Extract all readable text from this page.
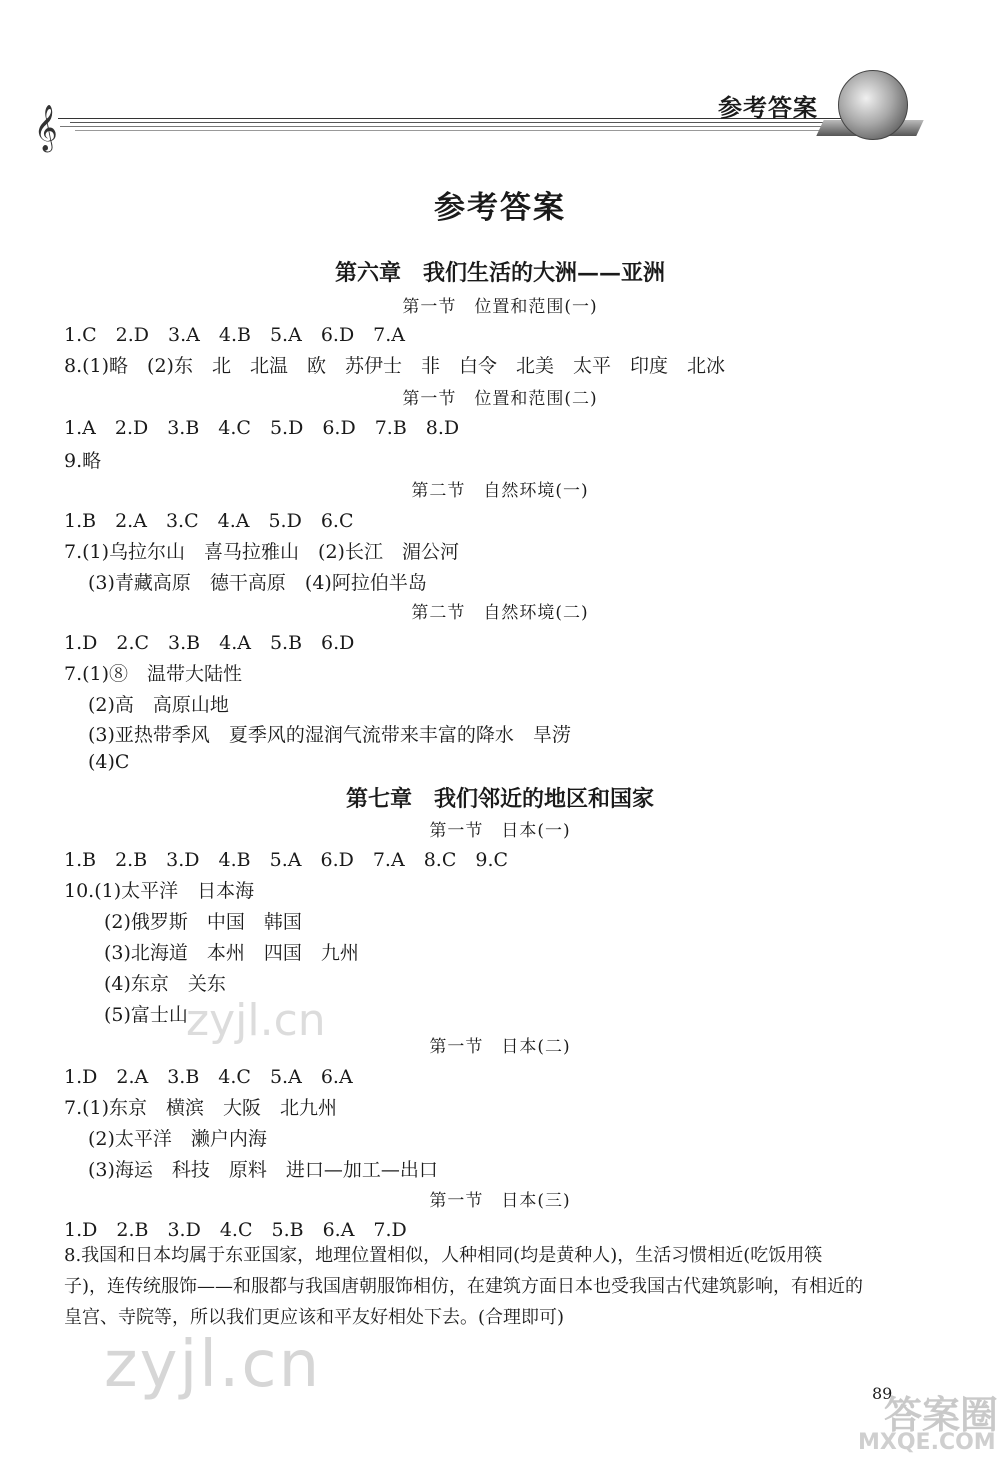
𝄞	参考答案
参考答案
第六章　我们生活的大洲——亚洲
第一节　位置和范围(一)
1.C　2.D　3.A　4.B　5.A　6.D　7.A
8.(1)略　(2)东　北　北温　欧　苏伊士　非　白令　北美　太平　印度　北冰
第一节　位置和范围(二)
1.A　2.D　3.B　4.C　5.D　6.D　7.B　8.D
9.略
第二节　自然环境(一)
1.B　2.A　3.C　4.A　5.D　6.C
7.(1)乌拉尔山　喜马拉雅山　(2)长江　湄公河
(3)青藏高原　德干高原　(4)阿拉伯半岛
第二节　自然环境(二)
1.D　2.C　3.B　4.A　5.B　6.D
7.(1)⑧　温带大陆性
(2)高　高原山地
(3)亚热带季风　夏季风的湿润气流带来丰富的降水　旱涝
(4)C
第七章　我们邻近的地区和国家
第一节　日本(一)
1.B　2.B　3.D　4.B　5.A　6.D　7.A　8.C　9.C
10.(1)太平洋　日本海
(2)俄罗斯　中国　韩国
(3)北海道　本州　四国　九州
(4)东京　关东
(5)富士山
第一节　日本(二)
1.D　2.A　3.B　4.C　5.A　6.A
7.(1)东京　横滨　大阪　北九州
(2)太平洋　濑户内海
(3)海运　科技　原料　进口—加工—出口
第一节　日本(三)
1.D　2.B　3.D　4.C　5.B　6.A　7.D
8.我国和日本均属于东亚国家，地理位置相似，人种相同(均是黄种人)，生活习惯相近(吃饭用筷子)，连传统服饰——和服都与我国唐朝服饰相仿，在建筑方面日本也受我国古代建筑影响，有相近的皇宫、寺院等，所以我们更应该和平友好相处下去。(合理即可)
zyjl.cn
zyjl.cn	89
答案圈
MXQE.COM
